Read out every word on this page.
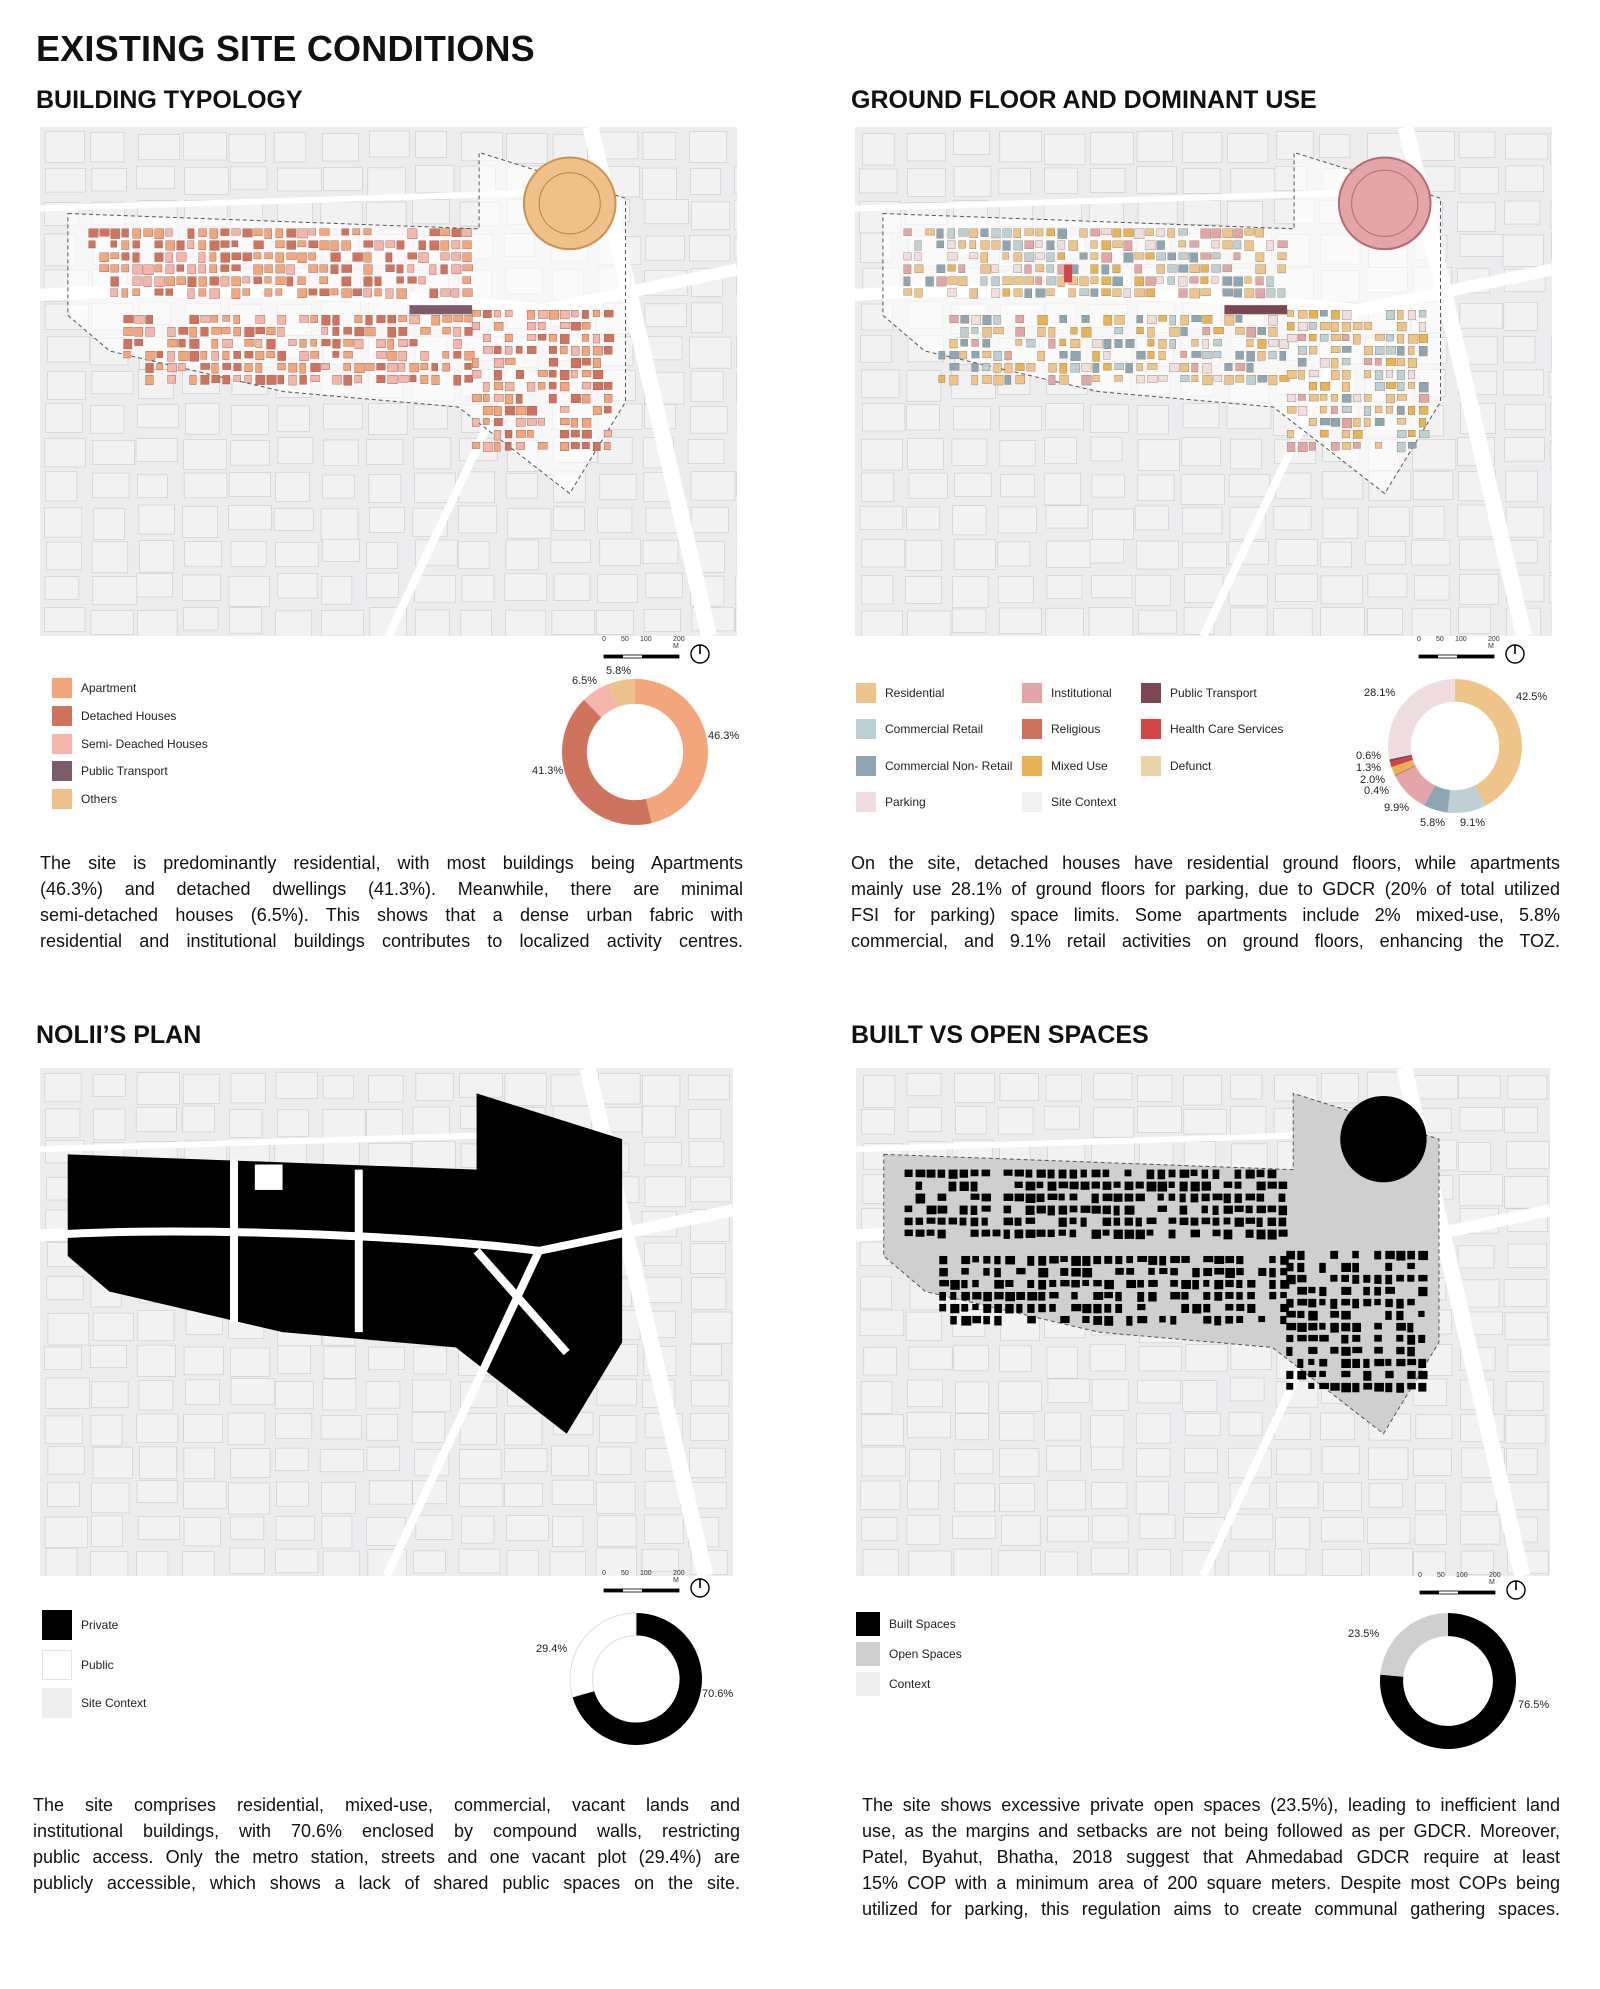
EXISTING SITE CONDITIONS
BUILDING TYPOLOGY
0 50 100	200 M
Apartment
Detached Houses
Semi- Deached Houses
Public Transport
Others
46.3%
41.3%
6.5%
5.8%

The site is predominantly residential, with most buildings being Apartments
(46.3%) and detached dwellings (41.3%). Meanwhile, there are minimal
semi-detached houses (6.5%). This shows that a dense urban fabric with
residential and institutional buildings contributes to localized activity centres.

GROUND FLOOR AND DOMINANT USE
0 50 100	200 M
Residential
Commercial Retail
Commercial Non- Retail
Parking
Institutional
Religious
Mixed Use
Site Context
Public Transport
Health Care Services
Defunct
42.5%
9.1%
5.8%
9.9%
0.4%
2.0%
1.3%
0.6%
28.1%

On the site, detached houses have residential ground floors, while apartments
mainly use 28.1% of ground floors for parking, due to GDCR (20% of total utilized
FSI for parking) space limits. Some apartments include 2% mixed-use, 5.8%
commercial, and 9.1% retail activities on ground floors, enhancing the TOZ.

NOLII’S PLAN
0 50 100	200 M
Private
Public
Site Context
70.6%
29.4%

The site comprises residential, mixed-use, commercial, vacant lands and
institutional buildings, with 70.6% enclosed by compound walls, restricting
public access. Only the metro station, streets and one vacant plot (29.4%) are
publicly accessible, which shows a lack of shared public spaces on the site.

BUILT VS OPEN SPACES
0 50 100	200 M
Built Spaces
Open Spaces
Context
76.5%
23.5%

The site shows excessive private open spaces (23.5%), leading to inefficient land
use, as the margins and setbacks are not being followed as per GDCR. Moreover,
Patel, Byahut, Bhatha, 2018 suggest that Ahmedabad GDCR require at least
15% COP with a minimum area of 200 square meters. Despite most COPs being
utilized for parking, this regulation aims to create communal gathering spaces.
